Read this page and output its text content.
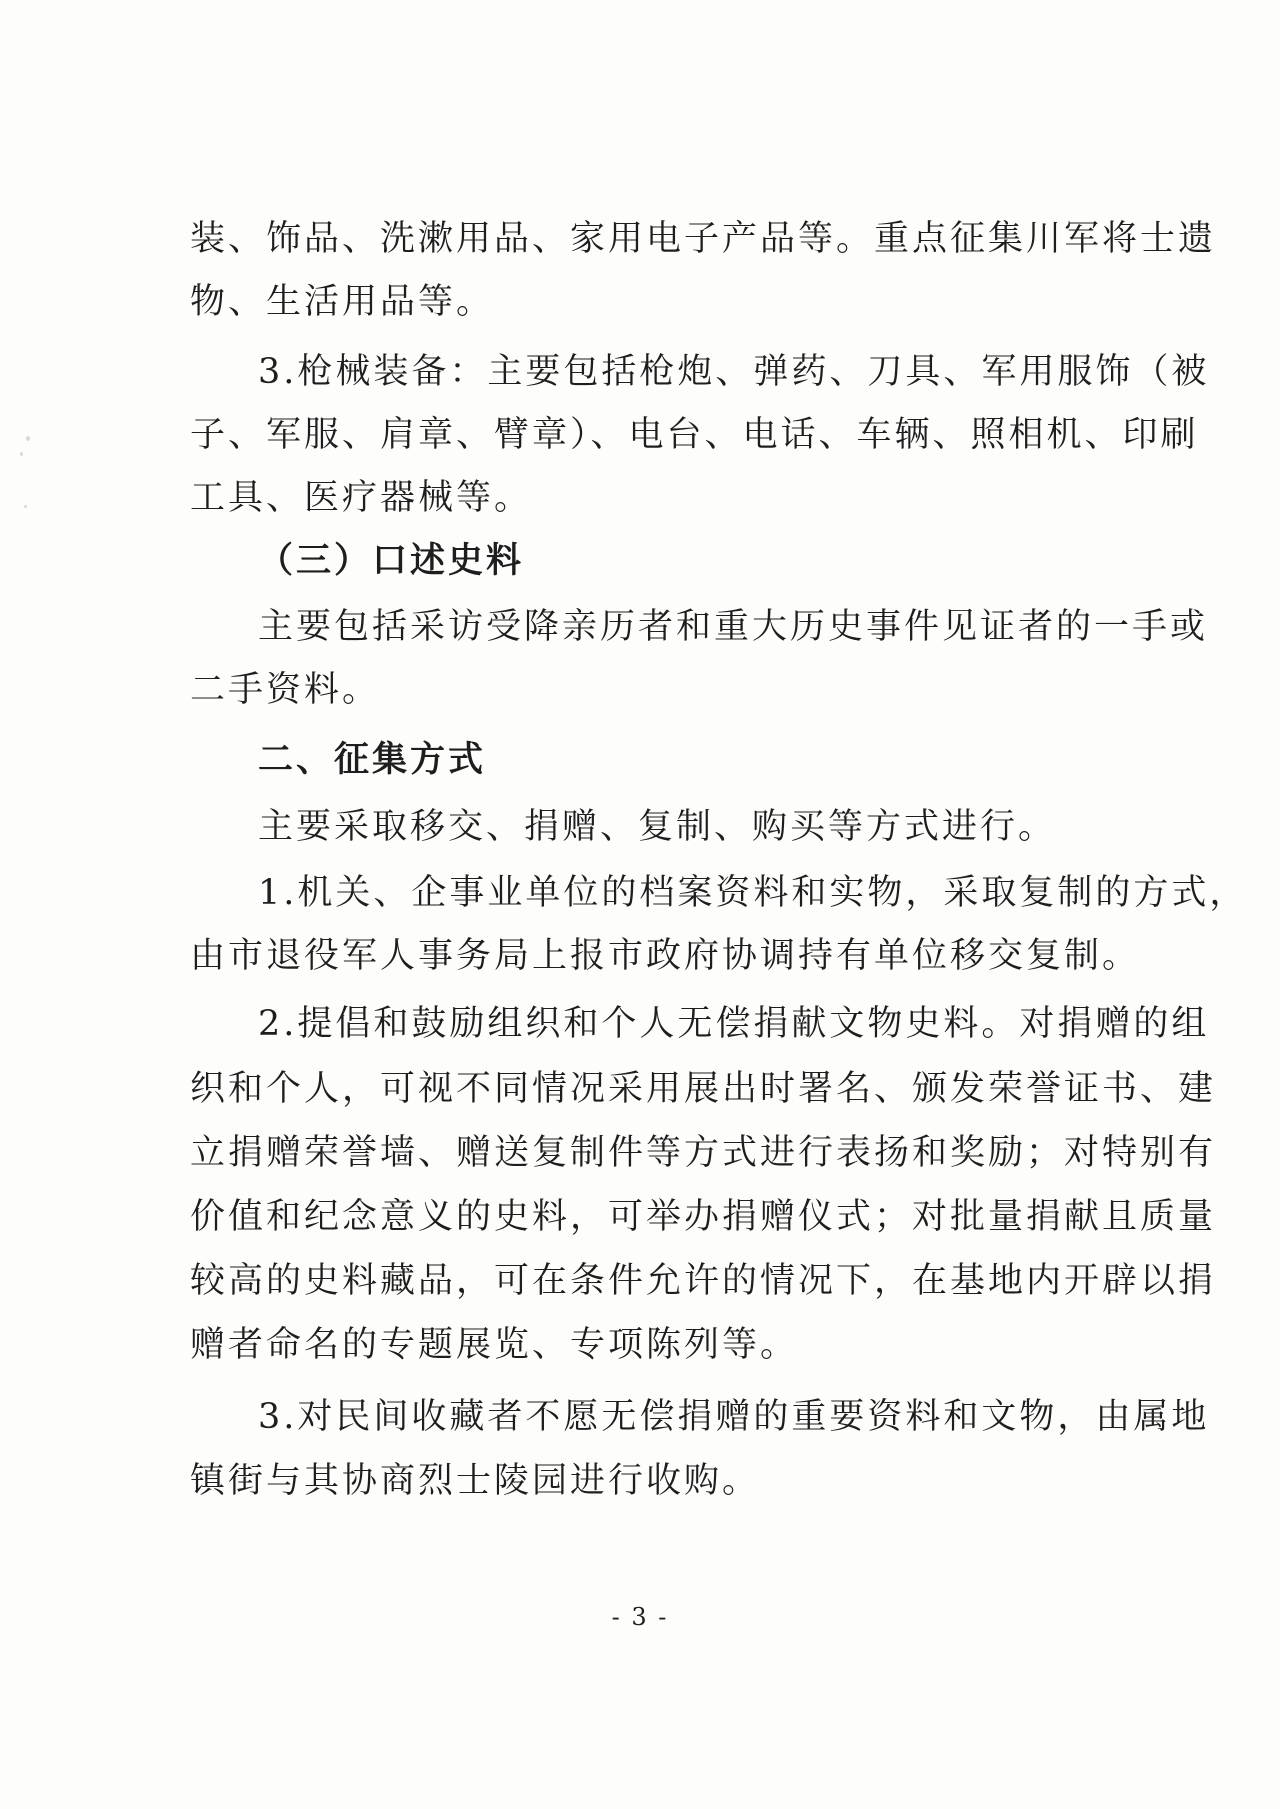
装、饰品、洗漱用品、家用电子产品等。重点征集川军将士遗
物、生活用品等。
3.枪械装备：主要包括枪炮、弹药、刀具、军用服饰（被
子、军服、肩章、臂章）、电台、电话、车辆、照相机、印刷
工具、医疗器械等。
（三）口述史料
主要包括采访受降亲历者和重大历史事件见证者的一手或
二手资料。
二、征集方式
主要采取移交、捐赠、复制、购买等方式进行。
1.机关、企事业单位的档案资料和实物，采取复制的方式，
由市退役军人事务局上报市政府协调持有单位移交复制。
2.提倡和鼓励组织和个人无偿捐献文物史料。对捐赠的组
织和个人，可视不同情况采用展出时署名、颁发荣誉证书、建
立捐赠荣誉墙、赠送复制件等方式进行表扬和奖励；对特别有
价值和纪念意义的史料，可举办捐赠仪式；对批量捐献且质量
较高的史料藏品，可在条件允许的情况下，在基地内开辟以捐
赠者命名的专题展览、专项陈列等。
3.对民间收藏者不愿无偿捐赠的重要资料和文物，由属地
镇街与其协商烈士陵园进行收购。
- 3 -
